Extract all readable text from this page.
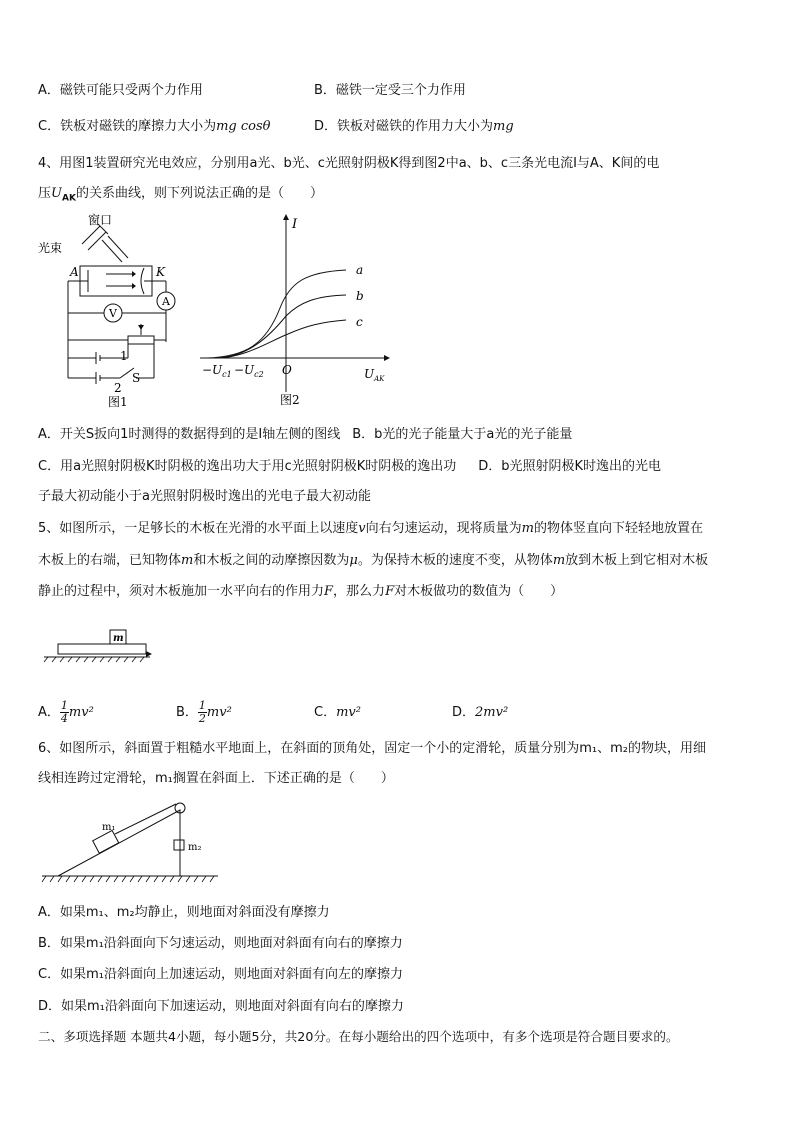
A．磁铁可能只受两个力作用	B．磁铁一定受三个力作用
C．铁板对磁铁的摩擦力大小为mg cosθ	D．铁板对磁铁的作用力大小为mg
4、用图1装置研究光电效应，分别用a光、b光、c光照射阴极K得到图2中a、b、c三条光电流I与A、K间的电
压$U_{AK}$的关系曲线，则下列说法正确的是（　　）
窗口
光束
A	K
A
V
1
2
S
图1
I
a
b
c
$-U_{c1} -U_{c2}$ O	$U_{AK}$
图2
A．开关S扳向1时测得的数据得到的是I轴左侧的图线 B．b光的光子能量大于a光的光子能量
C．用a光照射阴极K时阴极的逸出功大于用c光照射阴极K时阴极的逸出功 D．b光照射阴极K时逸出的光电
子最大初动能小于a光照射阴极时逸出的光电子最大初动能
5、如图所示，一足够长的木板在光滑的水平面上以速度v向右匀速运动，现将质量为m的物体竖直向下轻轻地放置在
木板上的右端，已知物体m和木板之间的动摩擦因数为μ。为保持木板的速度不变，从物体m放到木板上到它相对木板
静止的过程中，须对木板施加一水平向右的作用力F，那么力F对木板做功的数值为（　　）
m
A． $\frac{1}{4} mv^2$	B． $\frac{1}{2} mv^2$	C．mv²	D．2mv²
6、如图所示，斜面置于粗糙水平地面上，在斜面的顶角处，固定一个小的定滑轮，质量分别为m₁、m₂的物块，用细
线相连跨过定滑轮，m₁搁置在斜面上．下述正确的是（　　）
m₁
m₂
A．如果m₁、m₂均静止，则地面对斜面没有摩擦力
B．如果m₁沿斜面向下匀速运动，则地面对斜面有向右的摩擦力
C．如果m₁沿斜面向上加速运动，则地面对斜面有向左的摩擦力
D．如果m₁沿斜面向下加速运动，则地面对斜面有向右的摩擦力
二、多项选择题 本题共4小题，每小题5分，共20分。在每小题给出的四个选项中，有多个选项是符合题目要求的。
